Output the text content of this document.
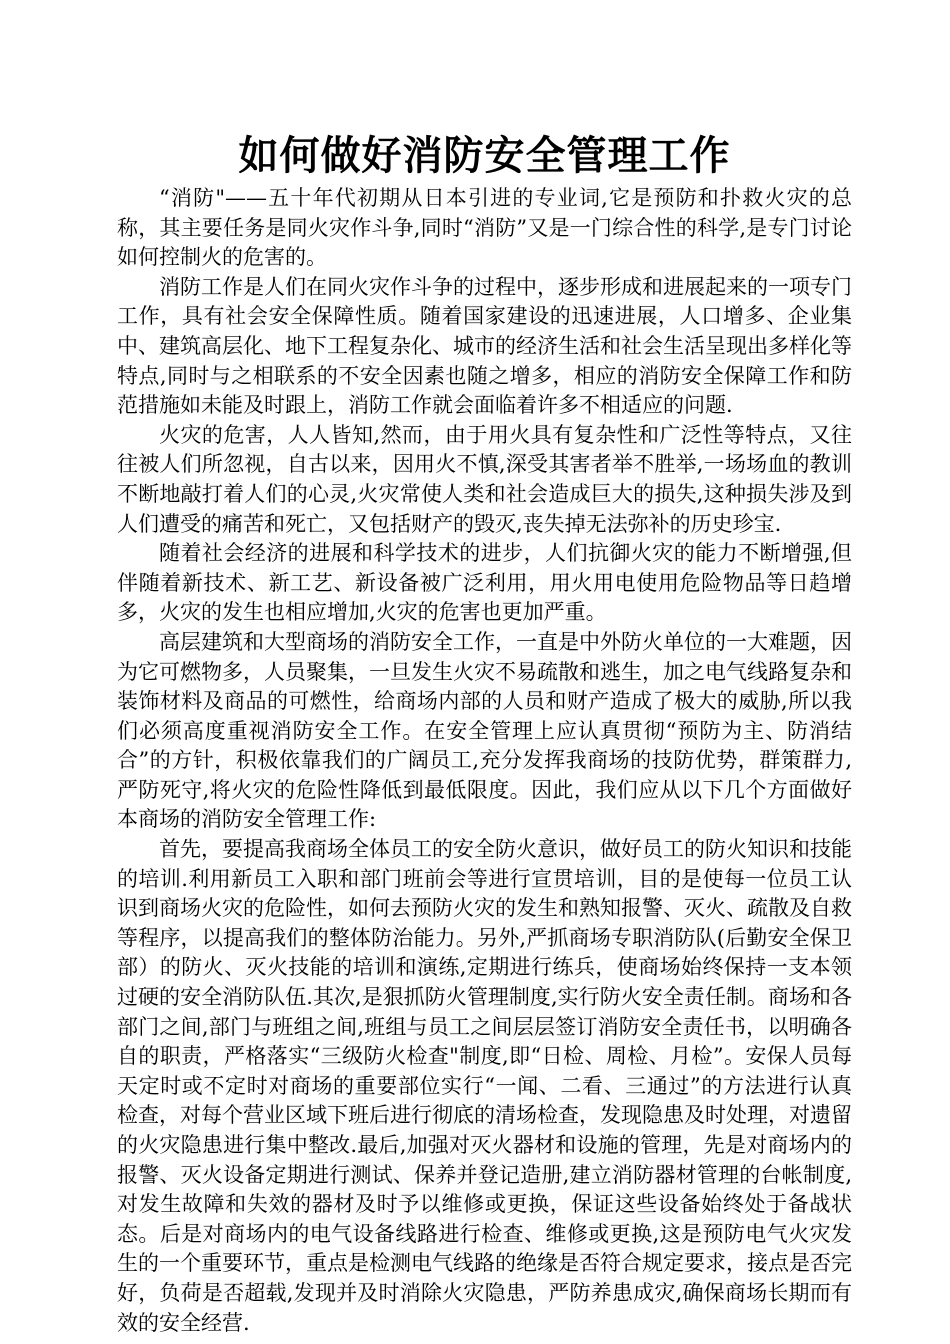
如何做好消防安全管理工作

“消防"——五十年代初期从日本引进的专业词,它是预防和扑救火灾的总称，其主要任务是同火灾作斗争,同时“消防”又是一门综合性的科学,是专门讨论如何控制火的危害的。

消防工作是人们在同火灾作斗争的过程中，逐步形成和进展起来的一项专门工作，具有社会安全保障性质。随着国家建设的迅速进展，人口增多、企业集中、建筑高层化、地下工程复杂化、城市的经济生活和社会生活呈现出多样化等特点,同时与之相联系的不安全因素也随之增多，相应的消防安全保障工作和防范措施如未能及时跟上，消防工作就会面临着许多不相适应的问题.

火灾的危害，人人皆知,然而，由于用火具有复杂性和广泛性等特点，又往往被人们所忽视，自古以来，因用火不慎,深受其害者举不胜举,一场场血的教训不断地敲打着人们的心灵,火灾常使人类和社会造成巨大的损失,这种损失涉及到人们遭受的痛苦和死亡，又包括财产的毁灭,丧失掉无法弥补的历史珍宝.

随着社会经济的进展和科学技术的进步，人们抗御火灾的能力不断增强,但伴随着新技术、新工艺、新设备被广泛利用，用火用电使用危险物品等日趋增多，火灾的发生也相应增加,火灾的危害也更加严重。

高层建筑和大型商场的消防安全工作，一直是中外防火单位的一大难题，因为它可燃物多，人员聚集，一旦发生火灾不易疏散和逃生，加之电气线路复杂和装饰材料及商品的可燃性，给商场内部的人员和财产造成了极大的威胁,所以我们必须高度重视消防安全工作。在安全管理上应认真贯彻“预防为主、防消结合”的方针，积极依靠我们的广阔员工,充分发挥我商场的技防优势，群策群力,严防死守,将火灾的危险性降低到最低限度。因此，我们应从以下几个方面做好本商场的消防安全管理工作:

首先，要提高我商场全体员工的安全防火意识，做好员工的防火知识和技能的培训.利用新员工入职和部门班前会等进行宣贯培训，目的是使每一位员工认识到商场火灾的危险性，如何去预防火灾的发生和熟知报警、灭火、疏散及自救等程序，以提高我们的整体防治能力。另外,严抓商场专职消防队(后勤安全保卫部）的防火、灭火技能的培训和演练,定期进行练兵，使商场始终保持一支本领过硬的安全消防队伍.其次,是狠抓防火管理制度,实行防火安全责任制。商场和各部门之间,部门与班组之间,班组与员工之间层层签订消防安全责任书，以明确各自的职责，严格落实“三级防火检查"制度,即“日检、周检、月检”。安保人员每天定时或不定时对商场的重要部位实行“一闻、二看、三通过”的方法进行认真检查，对每个营业区域下班后进行彻底的清场检查，发现隐患及时处理，对遗留的火灾隐患进行集中整改.最后,加强对灭火器材和设施的管理，先是对商场内的报警、灭火设备定期进行测试、保养并登记造册,建立消防器材管理的台帐制度,对发生故障和失效的器材及时予以维修或更换，保证这些设备始终处于备战状态。后是对商场内的电气设备线路进行检查、维修或更换,这是预防电气火灾发生的一个重要环节，重点是检测电气线路的绝缘是否符合规定要求，接点是否完好，负荷是否超载,发现并及时消除火灾隐患，严防养患成灾,确保商场长期而有效的安全经营.
